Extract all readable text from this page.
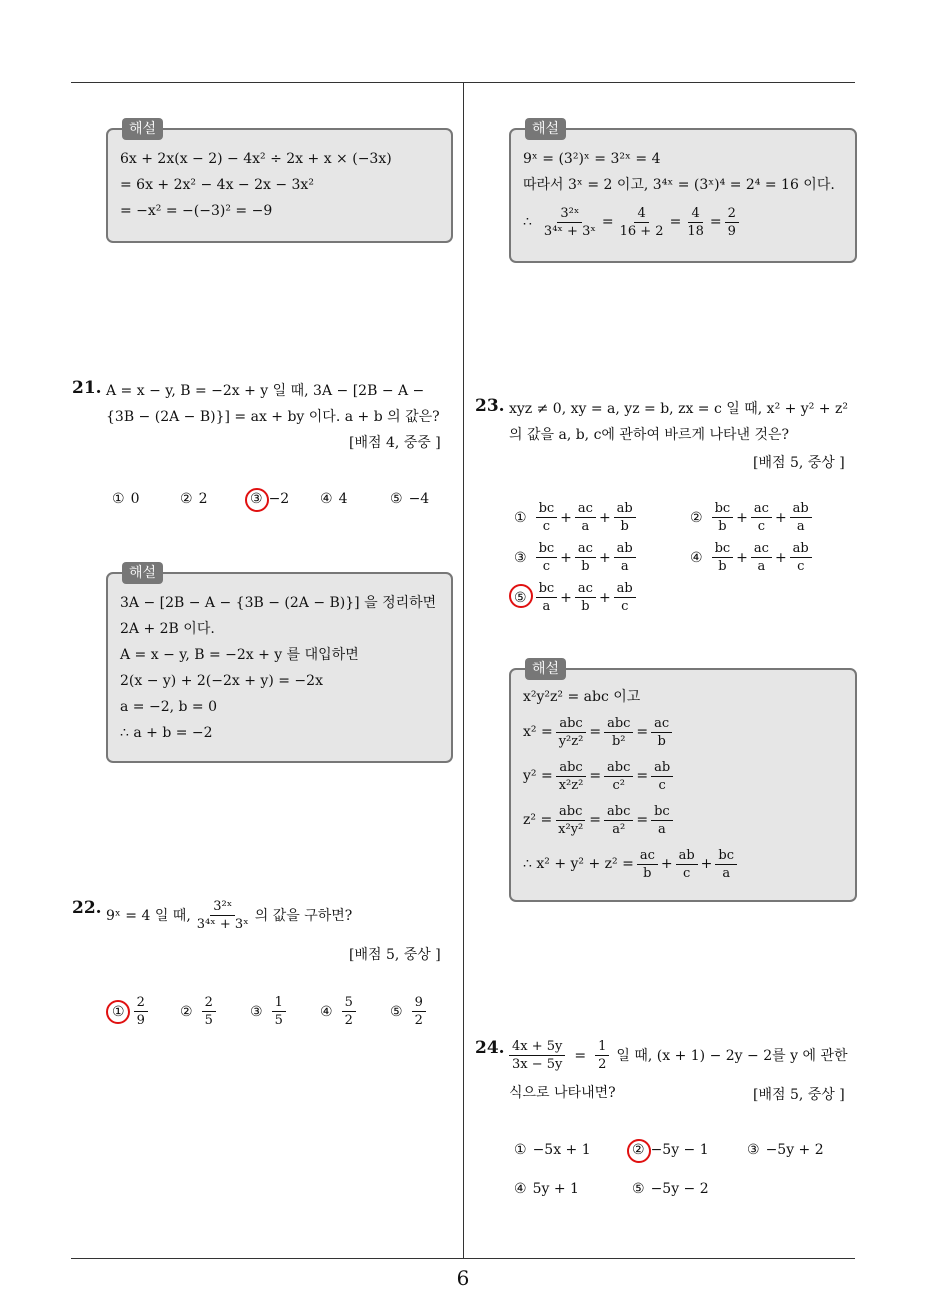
해설
6x + 2x(x − 2) − 4x² ÷ 2x + x × (−3x)
= 6x + 2x² − 4x − 2x − 3x²
= −x² = −(−3)² = −9
21. A = x − y, B = −2x + y 일 때, 3A − [2B − A −
{3B − (2A − B)}] = ax + by 이다. a + b 의 값은?
[배점 4, 중중 ]
① 0	② 2	③ −2 ④ 4	⑤ −4
해설
3A − [2B − A − {3B − (2A − B)}] 을 정리하면
2A + 2B 이다.
A = x − y, B = −2x + y 를 대입하면
2(x − y) + 2(−2x + y) = −2x
a = −2, b = 0
∴ a + b = −2
22. 9ˣ = 4 일 때, $\frac{\text{3²ˣ}}{\text{3⁴ˣ + 3ˣ}}$ 의 값을 구하면?
[배점 5, 중상 ]
① $\frac{2}{9}$ ② $\frac{2}{5}$ ③ $\frac{1}{5}$ ④ $\frac{5}{2}$ ⑤ $\frac{9}{2}$
해설
9ˣ = (3²)ˣ = 3²ˣ = 4
따라서 3ˣ = 2 이고, 3⁴ˣ = (3ˣ)⁴ = 2⁴ = 16 이다.
∴ $\frac{\text{3²ˣ}}{\text{3⁴ˣ + 3ˣ}} = \frac{4}{16 + 2} = \frac{4}{18} = \frac{2}{9}$
23. xyz ≠ 0, xy = a, yz = b, zx = c 일 때, x² + y² + z²
의 값을 a, b, c에 관하여 바르게 나타낸 것은?
[배점 5, 중상 ]
① $\frac{bc}{c} + \frac{ac}{a} + \frac{ab}{b}$	② $\frac{bc}{b} + \frac{ac}{c} + \frac{ab}{a}$
③ $\frac{bc}{c} + \frac{ac}{b} + \frac{ab}{a}$	④ $\frac{bc}{b} + \frac{ac}{a} + \frac{ab}{c}$
⑤ $\frac{bc}{a} + \frac{ac}{b} + \frac{ab}{c}$
해설
x²y²z² = abc 이고
$x^2 = \frac{\text{abc}}{\text{y²z²}} = \frac{\text{abc}}{\text{b²}} = \frac{ac}{b}$
$y^2 = \frac{\text{abc}}{\text{x²z²}} = \frac{\text{abc}}{\text{c²}} = \frac{ab}{c}$
$z^2 = \frac{\text{abc}}{\text{x²y²}} = \frac{\text{abc}}{\text{a²}} = \frac{bc}{a}$
∴ $x^2 + y^2 + z^2 = \frac{ac}{b} + \frac{ab}{c} + \frac{bc}{a}$
24. $\frac{4x + 5y}{3x - 5y} = \frac{1}{2}$ 일 때, (x + 1) − 2y − 2를 y 에 관한
식으로 나타내면?	[배점 5, 중상 ]
① −5x + 1	② −5y − 1	③ −5y + 2
④ 5y + 1	⑤ −5y − 2
6
